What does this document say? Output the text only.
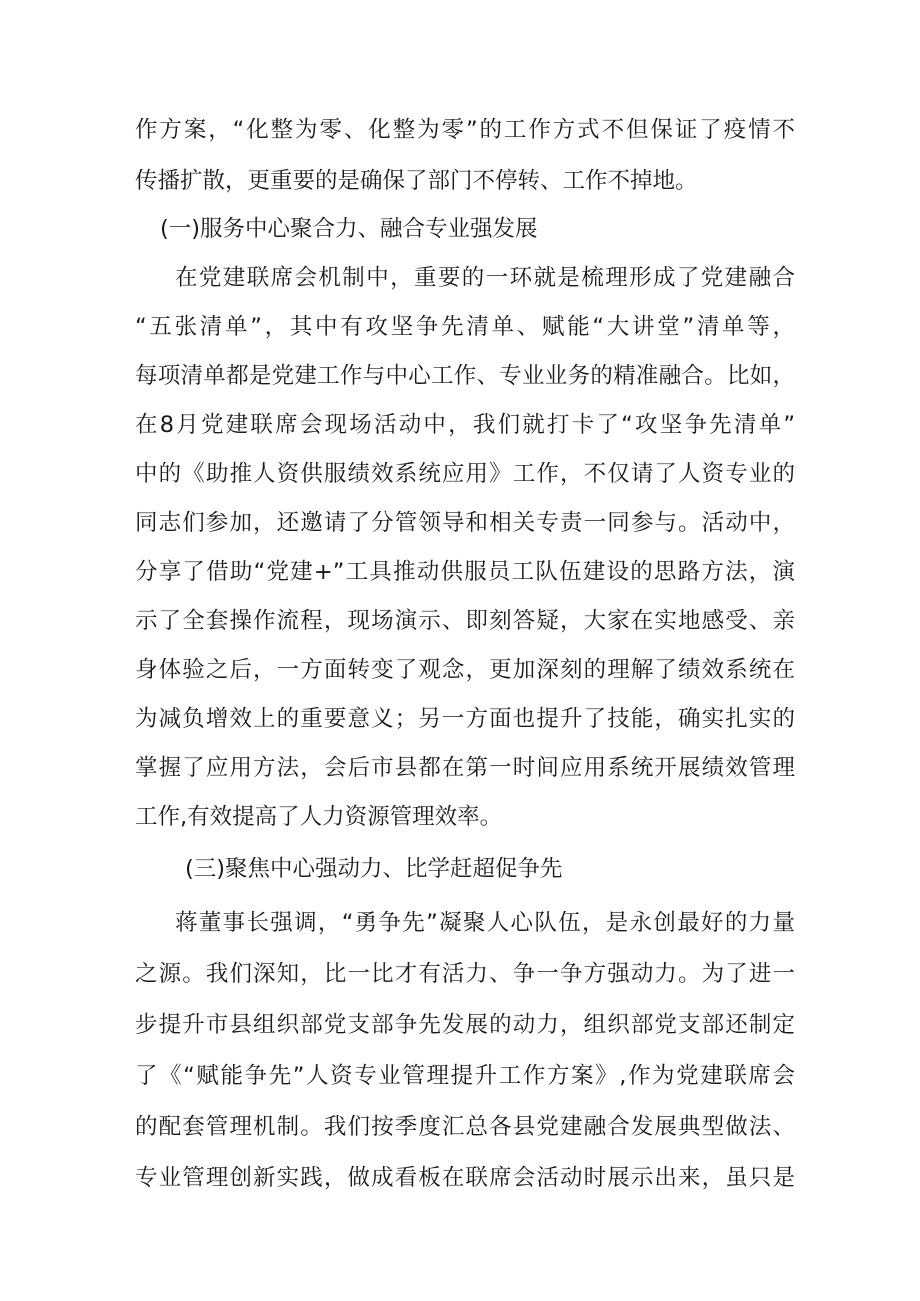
作方案，“化整为零、化整为零”的工作方式不但保证了疫情不
传播扩散，更重要的是确保了部门不停转、工作不掉地。
(一)服务中心聚合力、融合专业强发展
在党建联席会机制中，重要的一环就是梳理形成了党建融合
“五张清单”，其中有攻坚争先清单、赋能“大讲堂”清单等，
每项清单都是党建工作与中心工作、专业业务的精准融合。比如，
在8月党建联席会现场活动中，我们就打卡了“攻坚争先清单”
中的《助推人资供服绩效系统应用》工作，不仅请了人资专业的
同志们参加，还邀请了分管领导和相关专责一同参与。活动中，
分享了借助“党建+”工具推动供服员工队伍建设的思路方法，演
示了全套操作流程，现场演示、即刻答疑，大家在实地感受、亲
身体验之后，一方面转变了观念，更加深刻的理解了绩效系统在
为减负增效上的重要意义；另一方面也提升了技能，确实扎实的
掌握了应用方法，会后市县都在第一时间应用系统开展绩效管理
工作,有效提高了人力资源管理效率。
(三)聚焦中心强动力、比学赶超促争先
蒋董事长强调，“勇争先”凝聚人心队伍，是永创最好的力量
之源。我们深知，比一比才有活力、争一争方强动力。为了进一
步提升市县组织部党支部争先发展的动力，组织部党支部还制定
了《“赋能争先”人资专业管理提升工作方案》,作为党建联席会
的配套管理机制。我们按季度汇总各县党建融合发展典型做法、
专业管理创新实践，做成看板在联席会活动时展示出来，虽只是
